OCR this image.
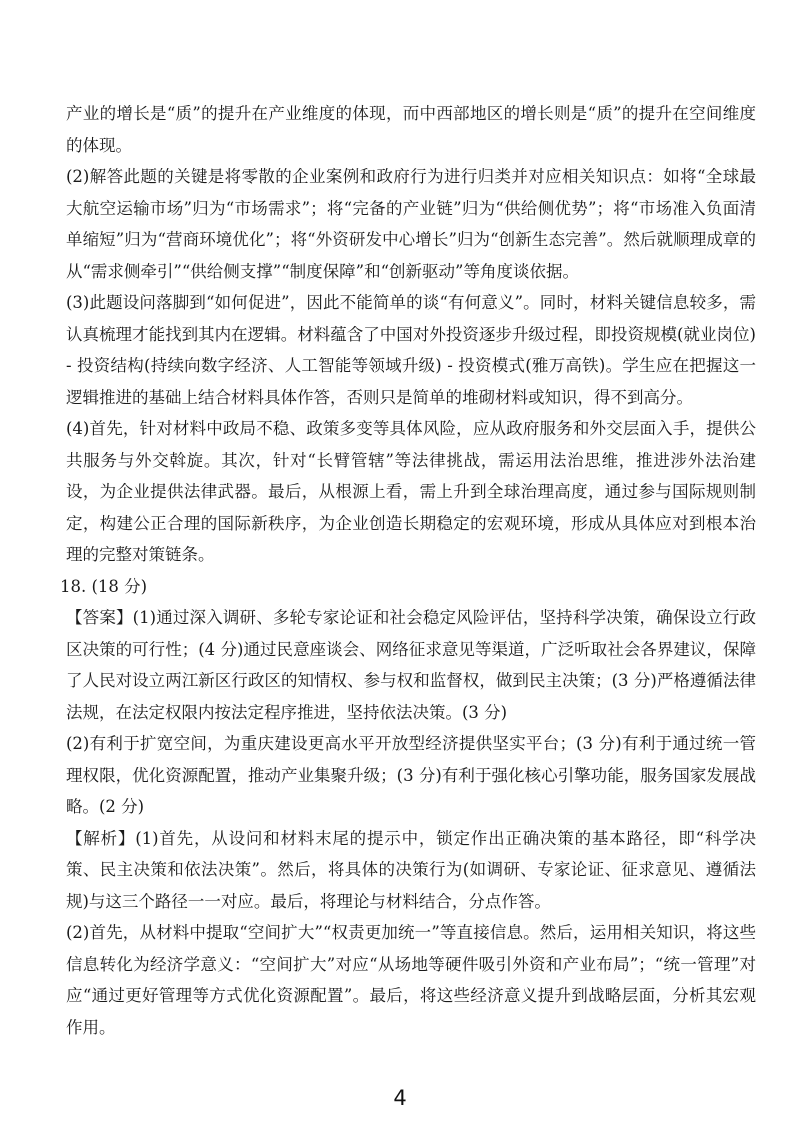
产业的增长是“质”的提升在产业维度的体现，而中西部地区的增长则是“质”的提升在空间维度的体现。

(2)解答此题的关键是将零散的企业案例和政府行为进行归类并对应相关知识点：如将“全球最大航空运输市场”归为“市场需求”；将“完备的产业链”归为“供给侧优势”；将“市场准入负面清单缩短”归为“营商环境优化”；将“外资研发中心增长”归为“创新生态完善”。然后就顺理成章的从“需求侧牵引”“供给侧支撑”“制度保障”和“创新驱动”等角度谈依据。

(3)此题设问落脚到“如何促进”，因此不能简单的谈“有何意义”。同时，材料关键信息较多，需认真梳理才能找到其内在逻辑。材料蕴含了中国对外投资逐步升级过程，即投资规模(就业岗位) - 投资结构(持续向数字经济、人工智能等领域升级) - 投资模式(雅万高铁)。学生应在把握这一逻辑推进的基础上结合材料具体作答，否则只是简单的堆砌材料或知识，得不到高分。

(4)首先，针对材料中政局不稳、政策多变等具体风险，应从政府服务和外交层面入手，提供公共服务与外交斡旋。其次，针对“长臂管辖”等法律挑战，需运用法治思维，推进涉外法治建设，为企业提供法律武器。最后，从根源上看，需上升到全球治理高度，通过参与国际规则制定，构建公正合理的国际新秩序，为企业创造长期稳定的宏观环境，形成从具体应对到根本治理的完整对策链条。

18. (18 分)

【答案】(1)通过深入调研、多轮专家论证和社会稳定风险评估，坚持科学决策，确保设立行政区决策的可行性；(4 分)通过民意座谈会、网络征求意见等渠道，广泛听取社会各界建议，保障了人民对设立两江新区行政区的知情权、参与权和监督权，做到民主决策；(3 分)严格遵循法律法规，在法定权限内按法定程序推进，坚持依法决策。(3 分)

(2)有利于扩宽空间，为重庆建设更高水平开放型经济提供坚实平台；(3 分)有利于通过统一管理权限，优化资源配置，推动产业集聚升级；(3 分)有利于强化核心引擎功能，服务国家发展战略。(2 分)

【解析】(1)首先，从设问和材料末尾的提示中，锁定作出正确决策的基本路径，即“科学决策、民主决策和依法决策”。然后，将具体的决策行为(如调研、专家论证、征求意见、遵循法规)与这三个路径一一对应。最后，将理论与材料结合，分点作答。

(2)首先，从材料中提取“空间扩大”“权责更加统一”等直接信息。然后，运用相关知识，将这些信息转化为经济学意义：“空间扩大”对应“从场地等硬件吸引外资和产业布局”；“统一管理”对应“通过更好管理等方式优化资源配置”。最后，将这些经济意义提升到战略层面，分析其宏观作用。

4
